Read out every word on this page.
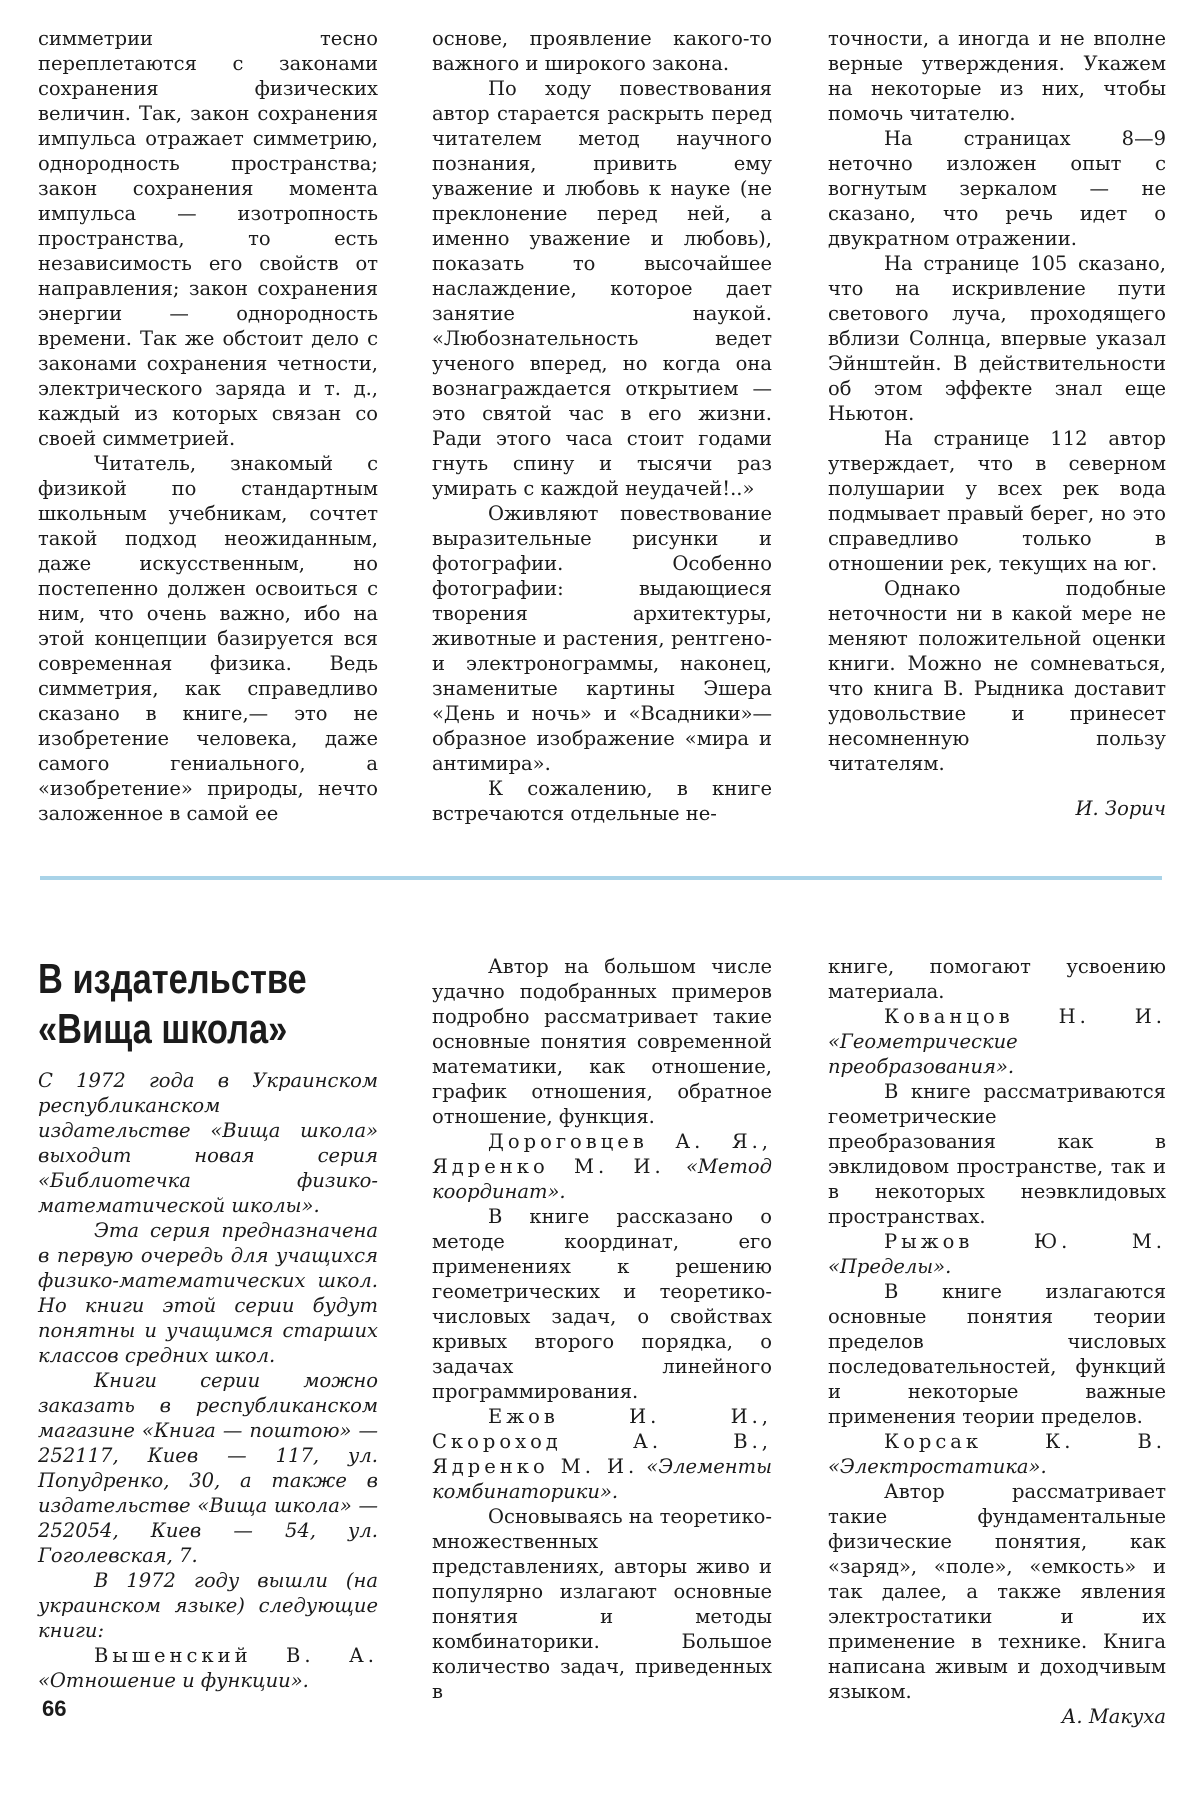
симметрии тесно переплетаются с законами сохранения физических величин. Так, закон сохранения импульса отражает симметрию, однородность пространства; закон сохранения момента импульса — изотропность пространства, то есть независимость его свойств от направления; закон сохранения энергии — однородность времени. Так же обстоит дело с законами сохранения четности, электрического заряда и т. д., каждый из которых связан со своей симметрией.

Читатель, знакомый с физикой по стандартным школьным учебникам, сочтет такой подход неожиданным, даже искусственным, но постепенно должен освоиться с ним, что очень важно, ибо на этой концепции базируется вся современная физика. Ведь симметрия, как справедливо сказано в книге,— это не изобретение человека, даже самого гениального, а «изобретение» природы, нечто заложенное в самой ее

основе, проявление какого-то важного и широкого закона.

По ходу повествования автор старается раскрыть перед читателем метод научного познания, привить ему уважение и любовь к науке (не преклонение перед ней, а именно уважение и любовь), показать то высочайшее наслаждение, которое дает занятие наукой. «Любознательность ведет ученого вперед, но когда она вознаграждается открытием — это святой час в его жизни. Ради этого часа стоит годами гнуть спину и тысячи раз умирать с каждой неудачей!..»

Оживляют повествование выразительные рисунки и фотографии. Особенно фотографии: выдающиеся творения архитектуры, животные и растения, рентгено- и электронограммы, наконец, знаменитые картины Эшера «День и ночь» и «Всадники»— образное изображение «мира и антимира».

К сожалению, в книге встречаются отдельные не-

точности, а иногда и не вполне верные утверждения. Укажем на некоторые из них, чтобы помочь читателю.

На страницах 8—9 неточно изложен опыт с вогнутым зеркалом — не сказано, что речь идет о двукратном отражении.

На странице 105 сказано, что на искривление пути светового луча, проходящего вблизи Солнца, впервые указал Эйнштейн. В действительности об этом эффекте знал еще Ньютон.

На странице 112 автор утверждает, что в северном полушарии у всех рек вода подмывает правый берег, но это справедливо только в отношении рек, текущих на юг.

Однако подобные неточности ни в какой мере не меняют положительной оценки книги. Можно не сомневаться, что книга В. Рыдника доставит удовольствие и принесет несомненную пользу читателям.

И. Зорич

В издательстве
«Вища школа»

С 1972 года в Украинском республиканском издательстве «Вища школа» выходит новая серия «Библиотечка физико-математической школы».

Эта серия предназначена в первую очередь для учащихся физико-математических школ. Но книги этой серии будут понятны и учащимся старших классов средних школ.

Книги серии можно заказать в республиканском магазине «Книга — поштою» — 252117, Киев — 117, ул. Попудренко, 30, а также в издательстве «Вища школа» — 252054, Киев — 54, ул. Гоголевская, 7.

В 1972 году вышли (на украинском языке) следующие книги:

Вышенский В. А. «Отношение и функции».

Автор на большом числе удачно подобранных примеров подробно рассматривает такие основные понятия современной математики, как отношение, график отношения, обратное отношение, функция.

Дороговцев А. Я., Ядренко М. И. «Метод координат».

В книге рассказано о методе координат, его применениях к решению геометрических и теоретико-числовых задач, о свойствах кривых второго порядка, о задачах линейного программирования.

Ежов И. И., Скороход А. В., Ядренко М. И. «Элементы комбинаторики».

Основываясь на теоретико-множественных представлениях, авторы живо и популярно излагают основные понятия и методы комбинаторики. Большое количество задач, приведенных в

книге, помогают усвоению материала.

Кованцов Н. И. «Геометрические преобразования».

В книге рассматриваются геометрические преобразования как в эвклидовом пространстве, так и в некоторых неэвклидовых пространствах.

Рыжов Ю. М. «Пределы».

В книге излагаются основные понятия теории пределов числовых последовательностей, функций и некоторые важные применения теории пределов.

Корсак К. В. «Электростатика».

Автор рассматривает такие фундаментальные физические понятия, как «заряд», «поле», «емкость» и так далее, а также явления электростатики и их применение в технике. Книга написана живым и доходчивым языком.

А. Макуха

66
